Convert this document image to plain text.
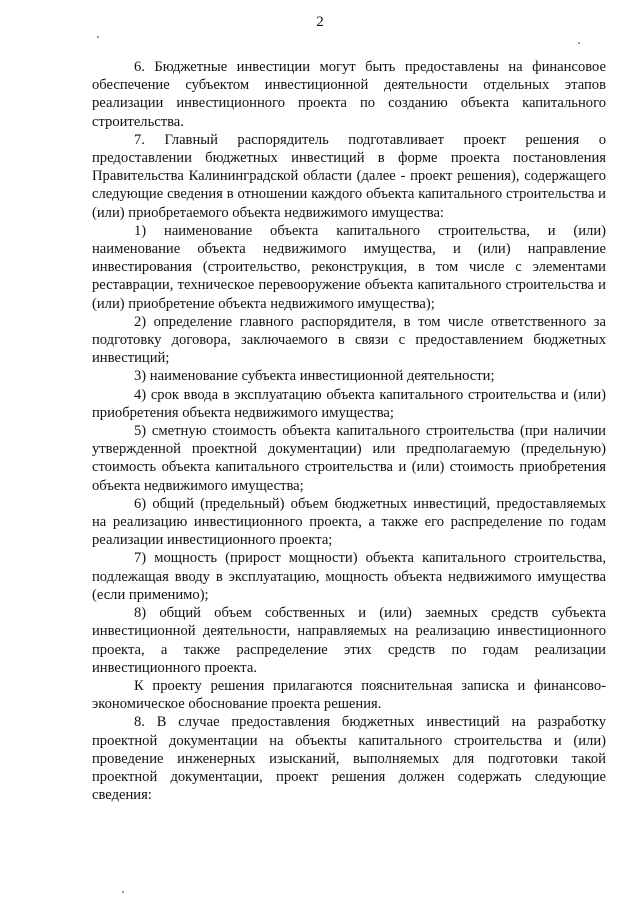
2

6. Бюджетные инвестиции могут быть предоставлены на финансовое обеспечение субъектом инвестиционной деятельности отдельных этапов реализации инвестиционного проекта по созданию объекта капитального строительства.

7. Главный распорядитель подготавливает проект решения о предоставлении бюджетных инвестиций в форме проекта постановления Правительства Калининградской области (далее - проект решения), содержащего следующие сведения в отношении каждого объекта капитального строительства и (или) приобретаемого объекта недвижимого имущества:

1) наименование объекта капитального строительства, и (или) наименование объекта недвижимого имущества, и (или) направление инвестирования (строительство, реконструкция, в том числе с элементами реставрации, техническое перевооружение объекта капитального строительства и (или) приобретение объекта недвижимого имущества);

2) определение главного распорядителя, в том числе ответственного за подготовку договора, заключаемого в связи с предоставлением бюджетных инвестиций;

3) наименование субъекта инвестиционной деятельности;

4) срок ввода в эксплуатацию объекта капитального строительства и (или) приобретения объекта недвижимого имущества;

5) сметную стоимость объекта капитального строительства (при наличии утвержденной проектной документации) или предполагаемую (предельную) стоимость объекта капитального строительства и (или) стоимость приобретения объекта недвижимого имущества;

6) общий (предельный) объем бюджетных инвестиций, предоставляемых на реализацию инвестиционного проекта, а также его распределение по годам реализации инвестиционного проекта;

7) мощность (прирост мощности) объекта капитального строительства, подлежащая вводу в эксплуатацию, мощность объекта недвижимого имущества (если применимо);

8) общий объем собственных и (или) заемных средств субъекта инвестиционной деятельности, направляемых на реализацию инвестиционного проекта, а также распределение этих средств по годам реализации инвестиционного проекта.

К проекту решения прилагаются пояснительная записка и финансово-экономическое обоснование проекта решения.

8. В случае предоставления бюджетных инвестиций на разработку проектной документации на объекты капитального строительства и (или) проведение инженерных изысканий, выполняемых для подготовки такой проектной документации, проект решения должен содержать следующие сведения:
